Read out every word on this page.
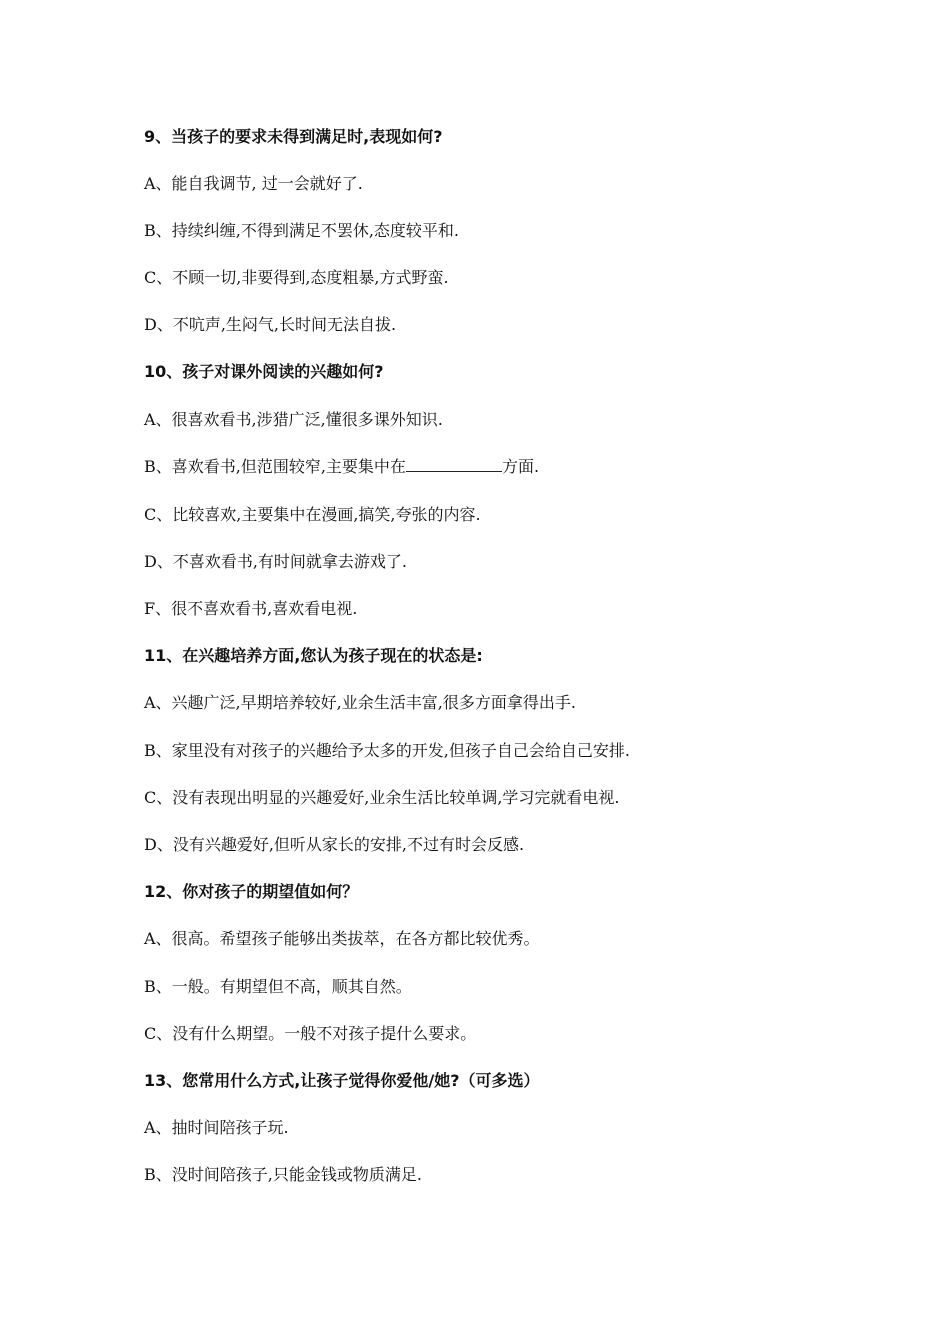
9、当孩子的要求未得到满足时,表现如何?
A、能自我调节, 过一会就好了.
B、持续纠缠,不得到满足不罢休,态度较平和.
C、不顾一切,非要得到,态度粗暴,方式野蛮.
D、不吭声,生闷气,长时间无法自拔.
10、孩子对课外阅读的兴趣如何?
A、很喜欢看书,涉猎广泛,懂很多课外知识.
B、喜欢看书,但范围较窄,主要集中在	方面.
C、比较喜欢,主要集中在漫画,搞笑,夸张的内容.
D、不喜欢看书,有时间就拿去游戏了.
F、很不喜欢看书,喜欢看电视.
11、在兴趣培养方面,您认为孩子现在的状态是:
A、兴趣广泛,早期培养较好,业余生活丰富,很多方面拿得出手.
B、家里没有对孩子的兴趣给予太多的开发,但孩子自己会给自己安排.
C、没有表现出明显的兴趣爱好,业余生活比较单调,学习完就看电视.
D、没有兴趣爱好,但听从家长的安排,不过有时会反感.
12、你对孩子的期望值如何？
A、很高。希望孩子能够出类拔萃，在各方都比较优秀。
B、一般。有期望但不高，顺其自然。
C、没有什么期望。一般不对孩子提什么要求。
13、您常用什么方式,让孩子觉得你爱他/她?（可多选）
A、抽时间陪孩子玩.
B、没时间陪孩子,只能金钱或物质满足.
